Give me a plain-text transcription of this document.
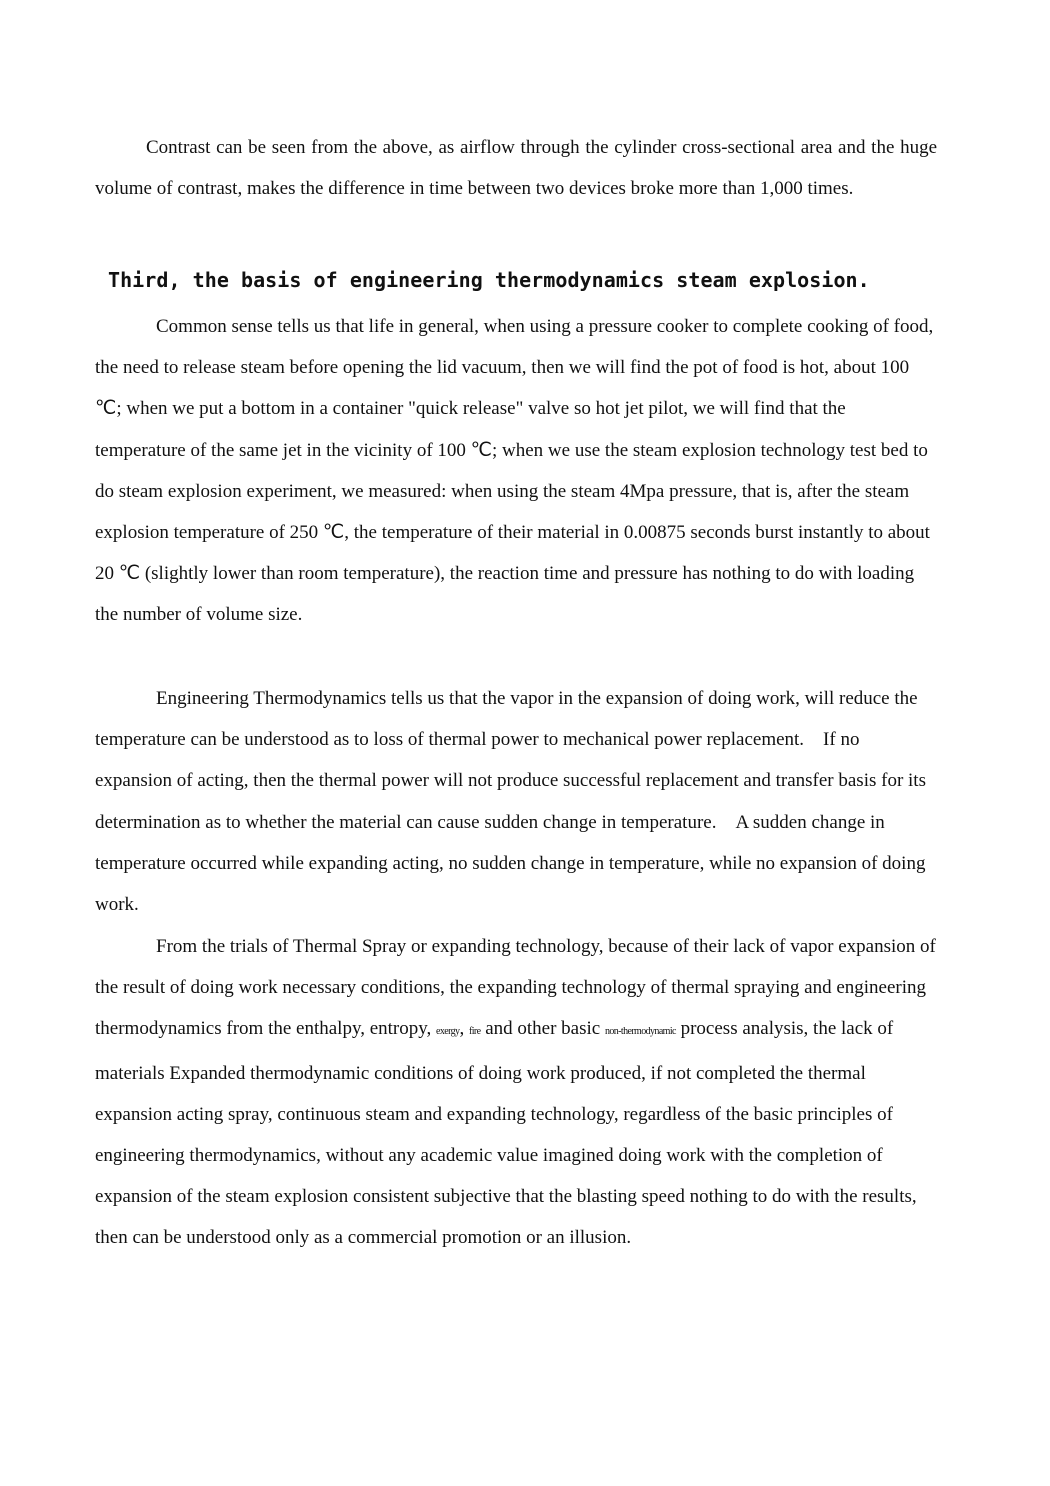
Contrast can be seen from the above, as airflow through the cylinder cross-sectional area and the huge volume of contrast, makes the difference in time between two devices broke more than 1,000 times.

Third, the basis of engineering thermodynamics steam explosion.

Common sense tells us that life in general, when using a pressure cooker to complete cooking of food, the need to release steam before opening the lid vacuum, then we will find the pot of food is hot, about 100 ℃; when we put a bottom in a container "quick release" valve so hot jet pilot, we will find that the temperature of the same jet in the vicinity of 100 ℃; when we use the steam explosion technology test bed to do steam explosion experiment, we measured: when using the steam 4Mpa pressure, that is, after the steam explosion temperature of 250 ℃, the temperature of their material in 0.00875 seconds burst instantly to about 20 ℃ (slightly lower than room temperature), the reaction time and pressure has nothing to do with loading the number of volume size.

Engineering Thermodynamics tells us that the vapor in the expansion of doing work, will reduce the temperature can be understood as to loss of thermal power to mechanical power replacement.　If no expansion of acting, then the thermal power will not produce successful replacement and transfer basis for its determination as to whether the material can cause sudden change in temperature.　A sudden change in temperature occurred while expanding acting, no sudden change in temperature, while no expansion of doing work.

From the trials of Thermal Spray or expanding technology, because of their lack of vapor expansion of the result of doing work necessary conditions, the expanding technology of thermal spraying and engineering thermodynamics from the enthalpy, entropy, exergy, fire and other basic non-thermodynamic process analysis, the lack of materials Expanded thermodynamic conditions of doing work produced, if not completed the thermal expansion acting spray, continuous steam and expanding technology, regardless of the basic principles of engineering thermodynamics, without any academic value imagined doing work with the completion of expansion of the steam explosion consistent subjective that the blasting speed nothing to do with the results, then can be understood only as a commercial promotion or an illusion.
